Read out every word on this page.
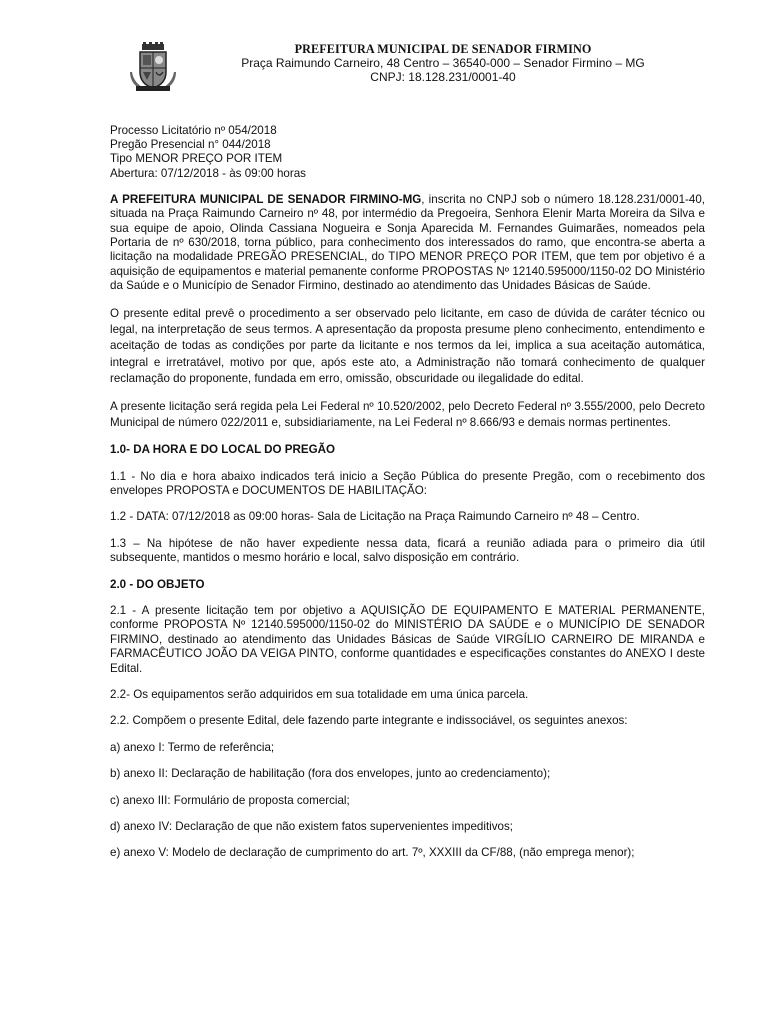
PREFEITURA MUNICIPAL DE SENADOR FIRMINO
Praça Raimundo Carneiro, 48 Centro – 36540-000 – Senador Firmino – MG
CNPJ: 18.128.231/0001-40
Processo Licitatório nº 054/2018
Pregão Presencial n° 044/2018
Tipo MENOR PREÇO POR ITEM
Abertura: 07/12/2018 - às 09:00 horas

A PREFEITURA MUNICIPAL DE SENADOR FIRMINO-MG, inscrita no CNPJ sob o número 18.128.231/0001-40, situada na Praça Raimundo Carneiro nº 48, por intermédio da Pregoeira, Senhora Elenir Marta Moreira da Silva e sua equipe de apoio, Olinda Cassiana Nogueira e Sonja Aparecida M. Fernandes Guimarães, nomeados pela Portaria de nº 630/2018, torna público, para conhecimento dos interessados do ramo, que encontra-se aberta a licitação na modalidade PREGÃO PRESENCIAL, do TIPO MENOR PREÇO POR ITEM, que tem por objetivo é a aquisição de equipamentos e material pemanente conforme PROPOSTAS Nº 12140.595000/1150-02 DO Ministério da Saúde e o Município de Senador Firmino, destinado ao atendimento das Unidades Básicas de Saúde.

O presente edital prevê o procedimento a ser observado pelo licitante, em caso de dúvida de caráter técnico ou legal, na interpretação de seus termos. A apresentação da proposta presume pleno conhecimento, entendimento e aceitação de todas as condições por parte da licitante e nos termos da lei, implica a sua aceitação automática, integral e irretratável, motivo por que, após este ato, a Administração não tomará conhecimento de qualquer reclamação do proponente, fundada em erro, omissão, obscuridade ou ilegalidade do edital.

A presente licitação será regida pela Lei Federal nº 10.520/2002, pelo Decreto Federal nº 3.555/2000, pelo Decreto Municipal de número 022/2011 e, subsidiariamente, na Lei Federal nº 8.666/93 e demais normas pertinentes.

1.0- DA HORA E DO LOCAL DO PREGÃO

1.1 - No dia e hora abaixo indicados terá inicio a Seção Pública do presente Pregão, com o recebimento dos envelopes PROPOSTA e DOCUMENTOS DE HABILITAÇÃO:

1.2 - DATA: 07/12/2018 as 09:00 horas- Sala de Licitação na Praça Raimundo Carneiro nº 48 – Centro.

1.3 – Na hipótese de não haver expediente nessa data, ficará a reunião adiada para o primeiro dia útil subsequente, mantidos o mesmo horário e local, salvo disposição em contrário.

2.0 - DO OBJETO

2.1 - A presente licitação tem por objetivo a AQUISIÇÃO DE EQUIPAMENTO E MATERIAL PERMANENTE, conforme PROPOSTA Nº 12140.595000/1150-02 do MINISTÉRIO DA SAÚDE e o MUNICÍPIO DE SENADOR FIRMINO, destinado ao atendimento das Unidades Básicas de Saúde VIRGÍLIO CARNEIRO DE MIRANDA e FARMACÊUTICO JOÃO DA VEIGA PINTO, conforme quantidades e especificações constantes do ANEXO I deste Edital.

2.2- Os equipamentos serão adquiridos em sua totalidade em uma única parcela.

2.2. Compõem o presente Edital, dele fazendo parte integrante e indissociável, os seguintes anexos:

a) anexo I: Termo de referência;

b) anexo II: Declaração de habilitação (fora dos envelopes, junto ao credenciamento);

c) anexo III: Formulário de proposta comercial;

d) anexo IV: Declaração de que não existem fatos supervenientes impeditivos;

e) anexo V: Modelo de declaração de cumprimento do art. 7º, XXXIII da CF/88, (não emprega menor);
